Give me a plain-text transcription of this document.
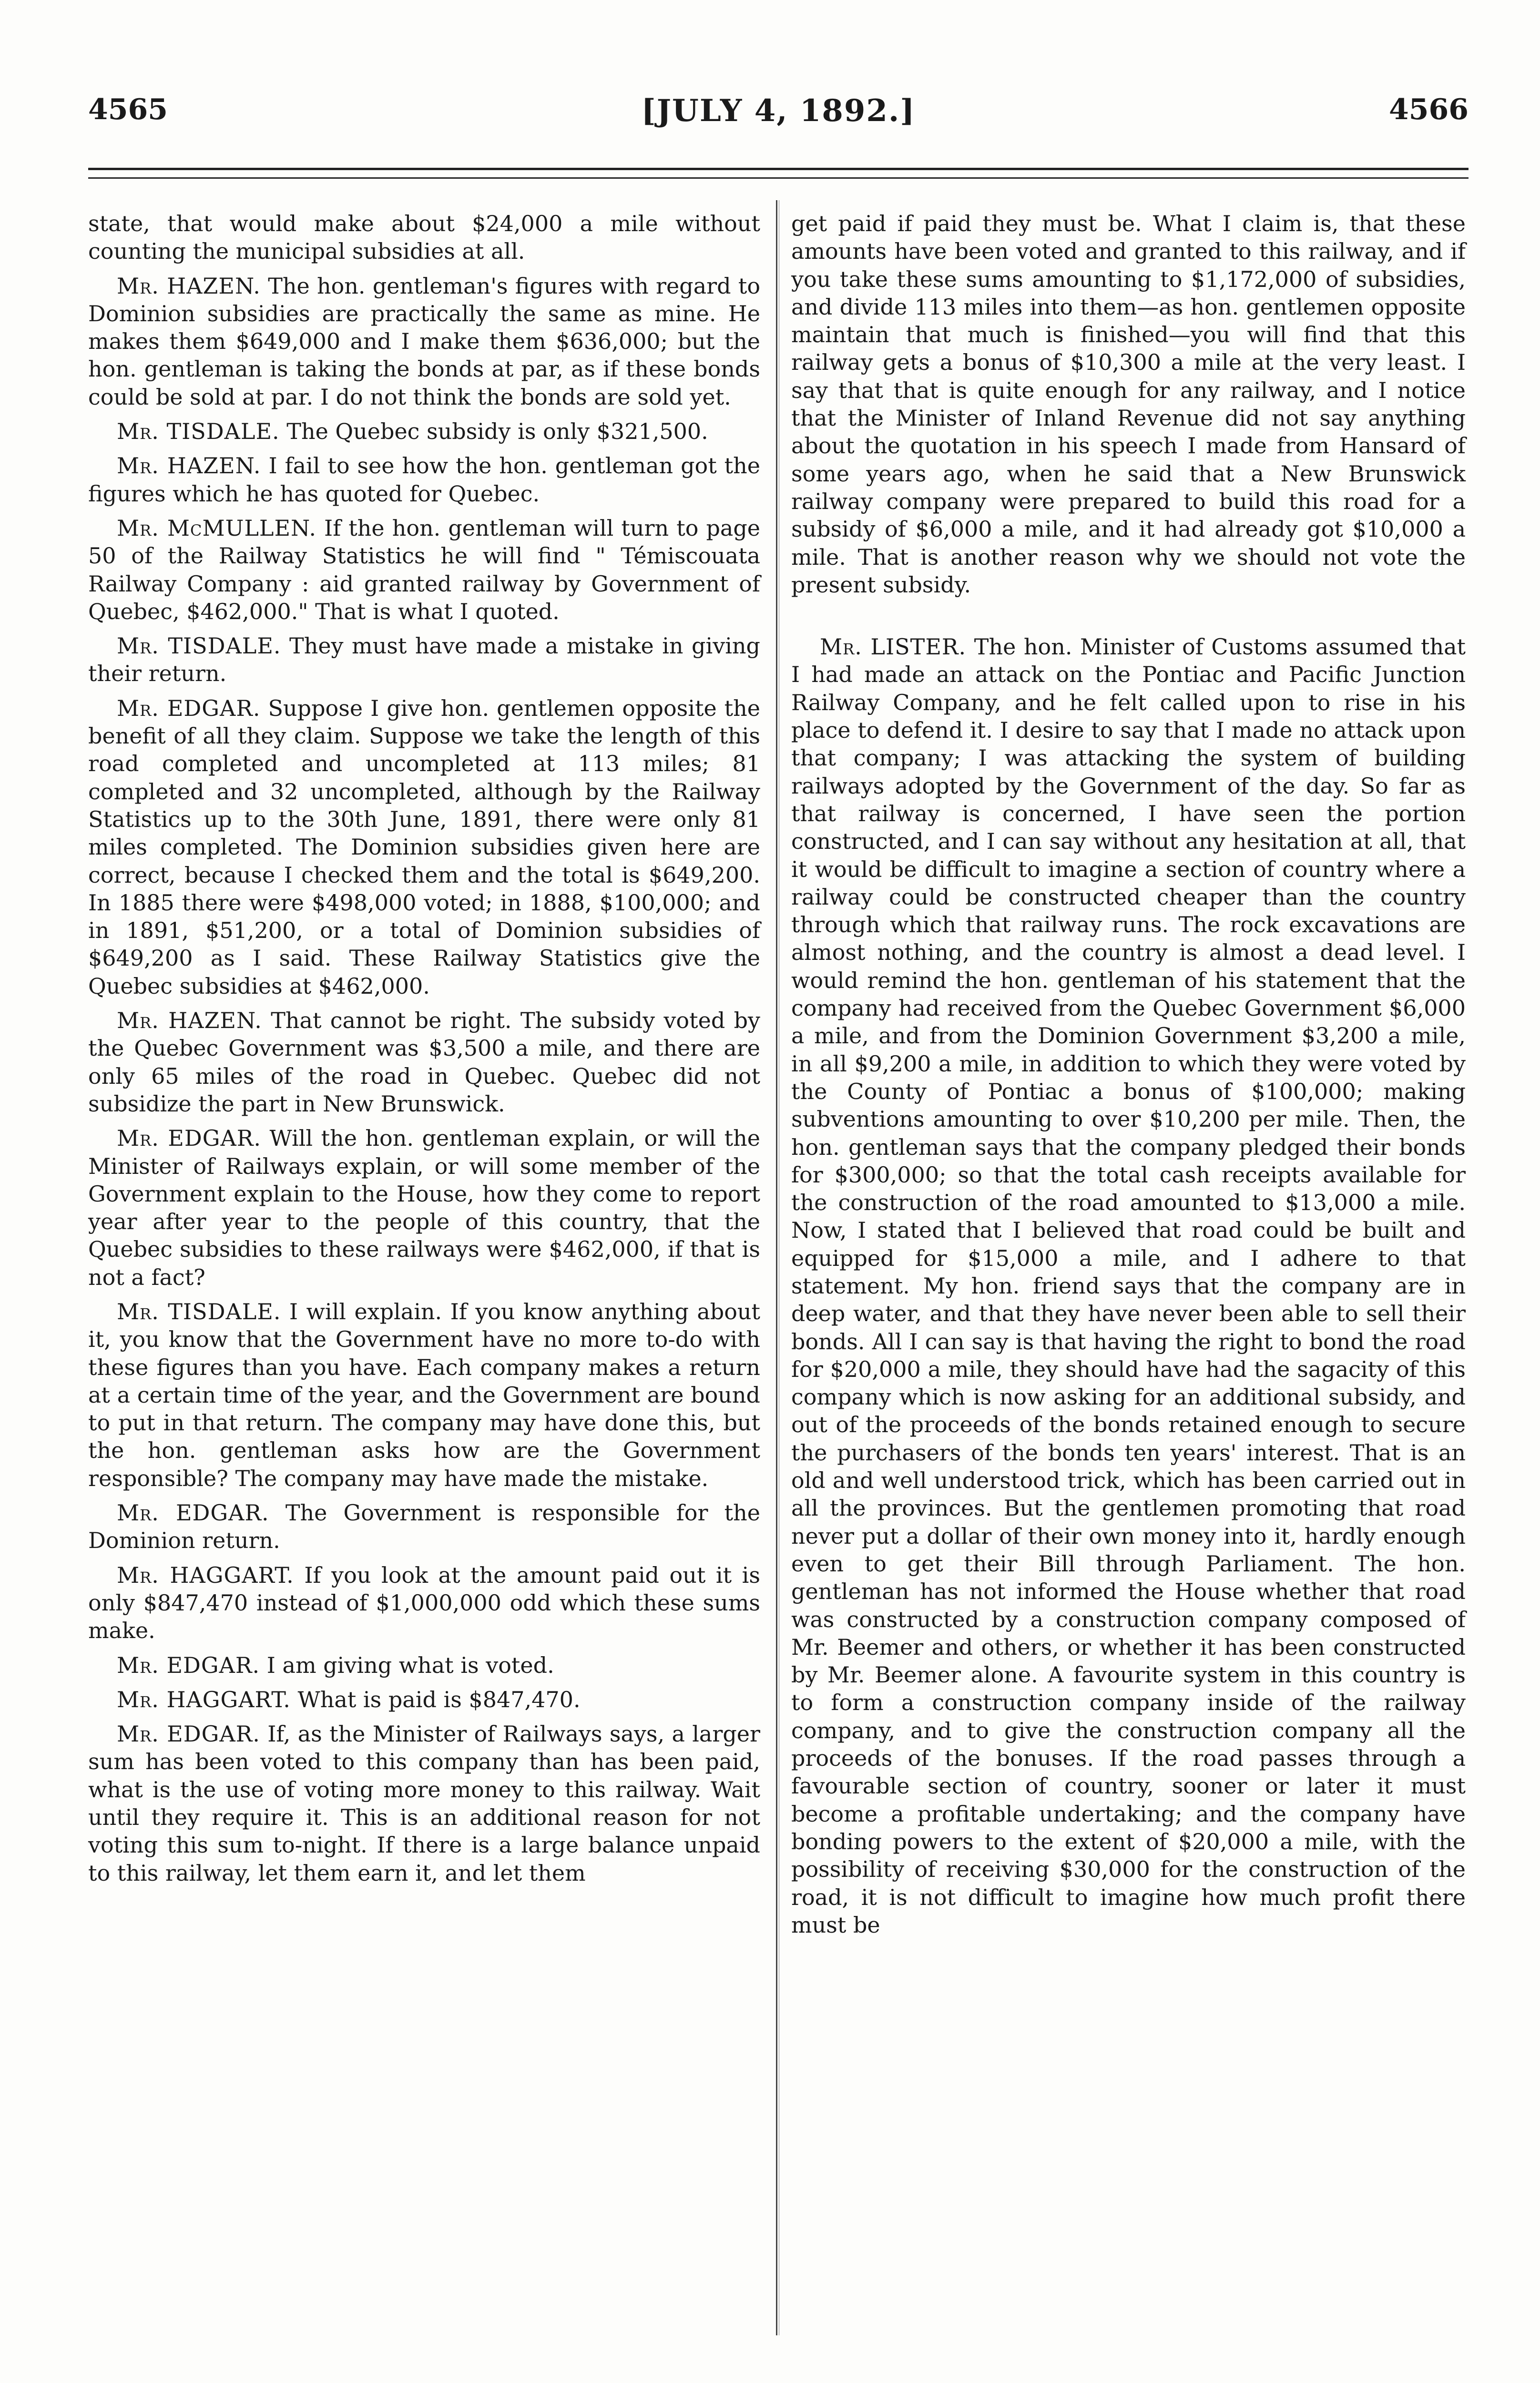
4565	[JULY 4, 1892.]	4566

state, that would make about $24,000 a mile without counting the municipal subsidies at all.

Mr. HAZEN. The hon. gentleman's figures with regard to Dominion subsidies are practically the same as mine. He makes them $649,000 and I make them $636,000; but the hon. gentleman is taking the bonds at par, as if these bonds could be sold at par. I do not think the bonds are sold yet.

Mr. TISDALE. The Quebec subsidy is only $321,500.

Mr. HAZEN. I fail to see how the hon. gentleman got the figures which he has quoted for Quebec.

Mr. McMULLEN. If the hon. gentleman will turn to page 50 of the Railway Statistics he will find " Témiscouata Railway Company : aid granted railway by Government of Quebec, $462,000." That is what I quoted.

Mr. TISDALE. They must have made a mistake in giving their return.

Mr. EDGAR. Suppose I give hon. gentlemen opposite the benefit of all they claim. Suppose we take the length of this road completed and uncompleted at 113 miles; 81 completed and 32 uncompleted, although by the Railway Statistics up to the 30th June, 1891, there were only 81 miles completed. The Dominion subsidies given here are correct, because I checked them and the total is $649,200. In 1885 there were $498,000 voted; in 1888, $100,000; and in 1891, $51,200, or a total of Dominion subsidies of $649,200 as I said. These Railway Statistics give the Quebec subsidies at $462,000.

Mr. HAZEN. That cannot be right. The subsidy voted by the Quebec Government was $3,500 a mile, and there are only 65 miles of the road in Quebec. Quebec did not subsidize the part in New Brunswick.

Mr. EDGAR. Will the hon. gentleman explain, or will the Minister of Railways explain, or will some member of the Government explain to the House, how they come to report year after year to the people of this country, that the Quebec subsidies to these railways were $462,000, if that is not a fact?

Mr. TISDALE. I will explain. If you know anything about it, you know that the Government have no more to-do with these figures than you have. Each company makes a return at a certain time of the year, and the Government are bound to put in that return. The company may have done this, but the hon. gentleman asks how are the Government responsible? The company may have made the mistake.

Mr. EDGAR. The Government is responsible for the Dominion return.

Mr. HAGGART. If you look at the amount paid out it is only $847,470 instead of $1,000,000 odd which these sums make.

Mr. EDGAR. I am giving what is voted.

Mr. HAGGART. What is paid is $847,470.

Mr. EDGAR. If, as the Minister of Railways says, a larger sum has been voted to this company than has been paid, what is the use of voting more money to this railway. Wait until they require it. This is an additional reason for not voting this sum to-night. If there is a large balance unpaid to this railway, let them earn it, and let them

get paid if paid they must be. What I claim is, that these amounts have been voted and granted to this railway, and if you take these sums amounting to $1,172,000 of subsidies, and divide 113 miles into them—as hon. gentlemen opposite maintain that much is finished—you will find that this railway gets a bonus of $10,300 a mile at the very least. I say that that is quite enough for any railway, and I notice that the Minister of Inland Revenue did not say anything about the quotation in his speech I made from Hansard of some years ago, when he said that a New Brunswick railway company were prepared to build this road for a subsidy of $6,000 a mile, and it had already got $10,000 a mile. That is another reason why we should not vote the present subsidy.

Mr. LISTER. The hon. Minister of Customs assumed that I had made an attack on the Pontiac and Pacific Junction Railway Company, and he felt called upon to rise in his place to defend it. I desire to say that I made no attack upon that company; I was attacking the system of building railways adopted by the Government of the day. So far as that railway is concerned, I have seen the portion constructed, and I can say without any hesitation at all, that it would be difficult to imagine a section of country where a railway could be constructed cheaper than the country through which that railway runs. The rock excavations are almost nothing, and the country is almost a dead level. I would remind the hon. gentleman of his statement that the company had received from the Quebec Government $6,000 a mile, and from the Dominion Government $3,200 a mile, in all $9,200 a mile, in addition to which they were voted by the County of Pontiac a bonus of $100,000; making subventions amounting to over $10,200 per mile. Then, the hon. gentleman says that the company pledged their bonds for $300,000; so that the total cash receipts available for the construction of the road amounted to $13,000 a mile. Now, I stated that I believed that road could be built and equipped for $15,000 a mile, and I adhere to that statement. My hon. friend says that the company are in deep water, and that they have never been able to sell their bonds. All I can say is that having the right to bond the road for $20,000 a mile, they should have had the sagacity of this company which is now asking for an additional subsidy, and out of the proceeds of the bonds retained enough to secure the purchasers of the bonds ten years' interest. That is an old and well understood trick, which has been carried out in all the provinces. But the gentlemen promoting that road never put a dollar of their own money into it, hardly enough even to get their Bill through Parliament. The hon. gentleman has not informed the House whether that road was constructed by a construction company composed of Mr. Beemer and others, or whether it has been constructed by Mr. Beemer alone. A favourite system in this country is to form a construction company inside of the railway company, and to give the construction company all the proceeds of the bonuses. If the road passes through a favourable section of country, sooner or later it must become a profitable undertaking; and the company have bonding powers to the extent of $20,000 a mile, with the possibility of receiving $30,000 for the construction of the road, it is not difficult to imagine how much profit there must be
